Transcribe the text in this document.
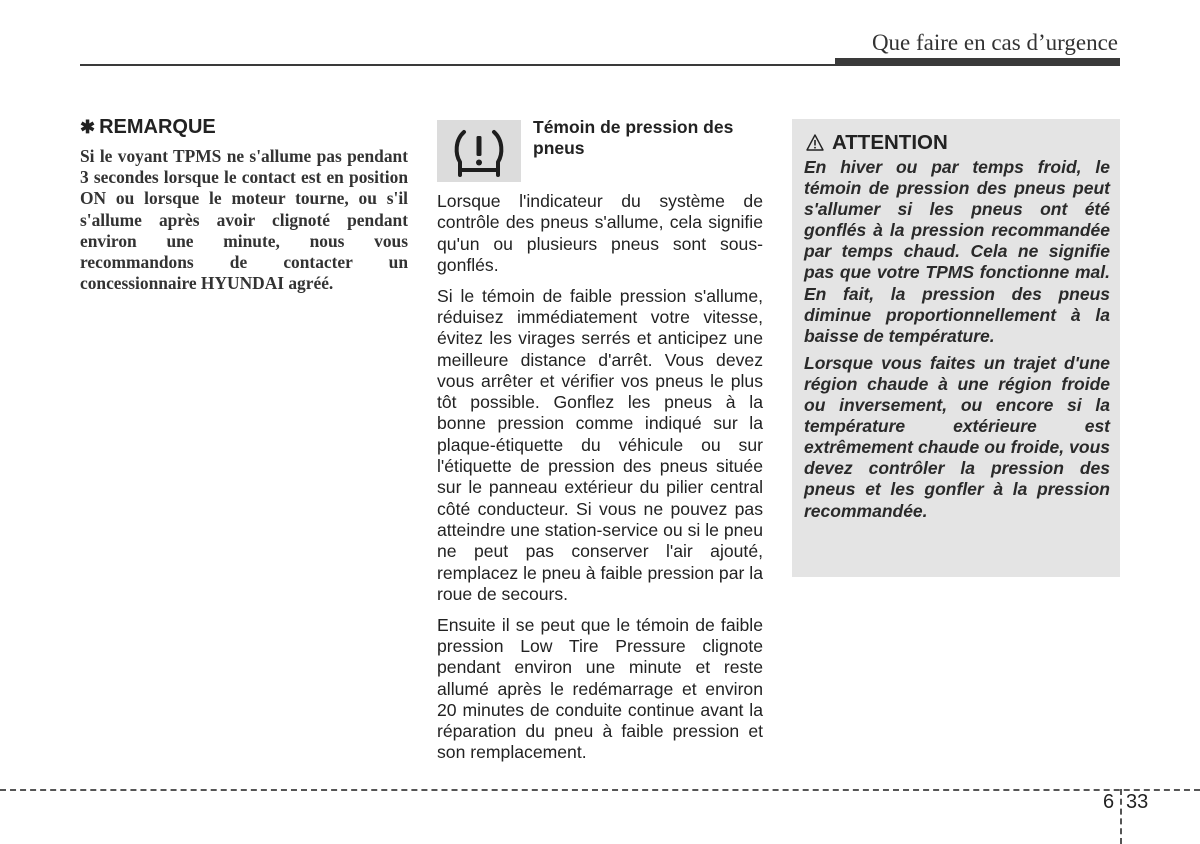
Que faire en cas d’urgence
✱ REMARQUE
Si le voyant TPMS ne s'allume pas pendant 3 secondes lorsque le contact est en position ON ou lorsque le moteur tourne, ou s'il s'allume après avoir clignoté pendant environ une minute, nous vous recommandons de contacter un concessionnaire HYUNDAI agréé.
Témoin de pression des pneus

Lorsque l'indicateur du système de contrôle des pneus s'allume, cela signifie qu'un ou plusieurs pneus sont sous-gonflés.

Si le témoin de faible pression s'allume, réduisez immédiatement votre vitesse, évitez les virages serrés et anticipez une meilleure distance d'arrêt. Vous devez vous arrêter et vérifier vos pneus le plus tôt possible. Gonflez les pneus à la bonne pression comme indiqué sur la plaque-étiquette du véhicule ou sur l'étiquette de pression des pneus située sur le panneau extérieur du pilier central côté conducteur. Si vous ne pouvez pas atteindre une station-service ou si le pneu ne peut pas conserver l'air ajouté, remplacez le pneu à faible pression par la roue de secours.

Ensuite il se peut que le témoin de faible pression Low Tire Pressure clignote pendant environ une minute et reste allumé après le redémarrage et environ 20 minutes de conduite continue avant la réparation du pneu à faible pression et son remplacement.

ATTENTION

En hiver ou par temps froid, le témoin de pression des pneus peut s'allumer si les pneus ont été gonflés à la pression recommandée par temps chaud. Cela ne signifie pas que votre TPMS fonctionne mal. En fait, la pression des pneus diminue proportionnellement à la baisse de température.

Lorsque vous faites un trajet d'une région chaude à une région froide ou inversement, ou encore si la température extérieure est extrêmement chaude ou froide, vous devez contrôler la pression des pneus et les gonfler à la pression recommandée.

6 33
